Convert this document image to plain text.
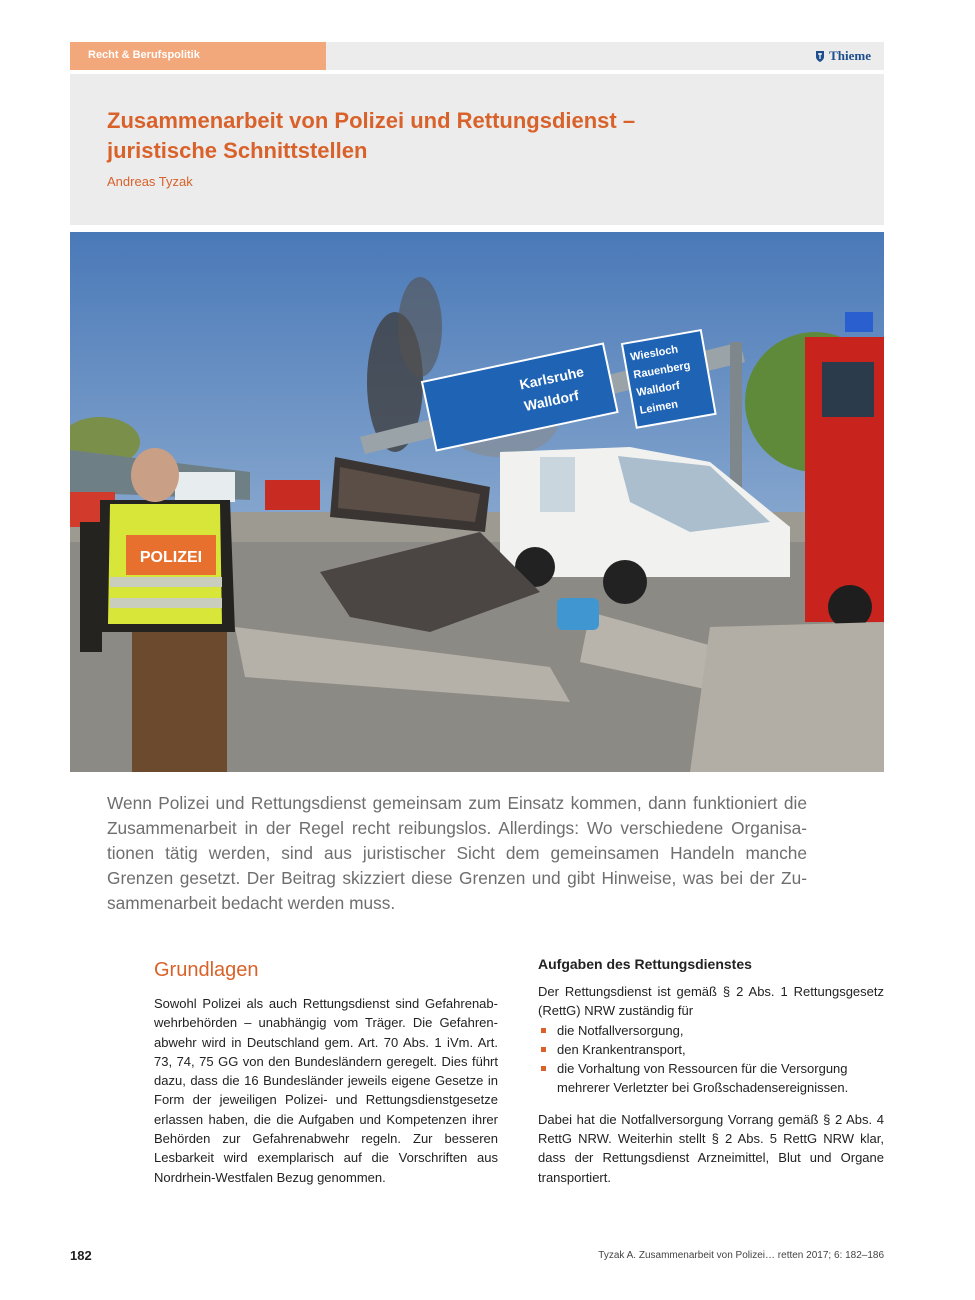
Recht & Berufspolitik	Thieme
Zusammenarbeit von Polizei und Rettungsdienst –
juristische Schnittstellen
Andreas Tyzak
Karlsruhe
Walldorf
Wiesloch
Rauenberg
Walldorf
Leimen
POLIZEI

Wenn Polizei und Rettungsdienst gemeinsam zum Einsatz kommen, dann funktioniert die Zusammenarbeit in der Regel recht reibungslos. Allerdings: Wo verschiedene Organisationen tätig werden, sind aus juristischer Sicht dem gemeinsamen Handeln manche Grenzen gesetzt. Der Beitrag skizziert diese Grenzen und gibt Hinweise, was bei der Zusammenarbeit bedacht werden muss.

Grundlagen

Sowohl Polizei als auch Rettungsdienst sind Gefahrenabwehrbehörden – unabhängig vom Träger. Die Gefahrenabwehr wird in Deutschland gem. Art. 70 Abs. 1 iVm. Art. 73, 74, 75 GG von den Bundesländern geregelt. Dies führt dazu, dass die 16 Bundesländer jeweils eigene Gesetze in Form der jeweiligen Polizei- und Rettungsdienstgesetze erlassen haben, die die Aufgaben und Kompetenzen ihrer Behörden zur Gefahrenabwehr regeln. Zur besseren Lesbarkeit wird exemplarisch auf die Vorschriften aus Nordrhein-Westfalen Bezug genommen.

Aufgaben des Rettungsdienstes

Der Rettungsdienst ist gemäß § 2 Abs. 1 Rettungsgesetz (RettG) NRW zuständig für

die Notfallversorgung,
den Krankentransport,
die Vorhaltung von Ressourcen für die Versorgung mehrerer Verletzter bei Großschadensereignissen.

Dabei hat die Notfallversorgung Vorrang gemäß § 2 Abs. 4 RettG NRW. Weiterhin stellt § 2 Abs. 5 RettG NRW klar, dass der Rettungsdienst Arzneimittel, Blut und Organe transportiert.

182	Tyzak A. Zusammenarbeit von Polizei… retten 2017; 6: 182–186
